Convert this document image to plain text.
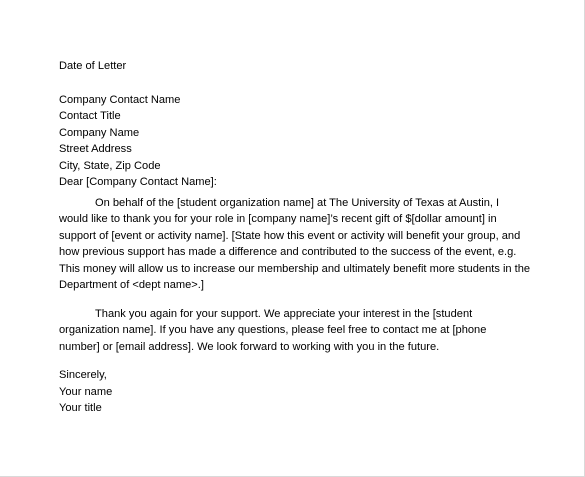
Date of Letter
Company Contact Name
Contact Title
Company Name
Street Address
City, State, Zip Code
Dear [Company Contact Name]:
On behalf of the [student organization name] at The University of Texas at Austin, I
would like to thank you for your role in [company name]’s recent gift of $[dollar amount] in
support of [event or activity name]. [State how this event or activity will benefit your group, and
how previous support has made a difference and contributed to the success of the event, e.g.
This money will allow us to increase our membership and ultimately benefit more students in the
Department of <dept name>.]
Thank you again for your support. We appreciate your interest in the [student
organization name]. If you have any questions, please feel free to contact me at [phone
number] or [email address]. We look forward to working with you in the future.
Sincerely,
Your name
Your title
